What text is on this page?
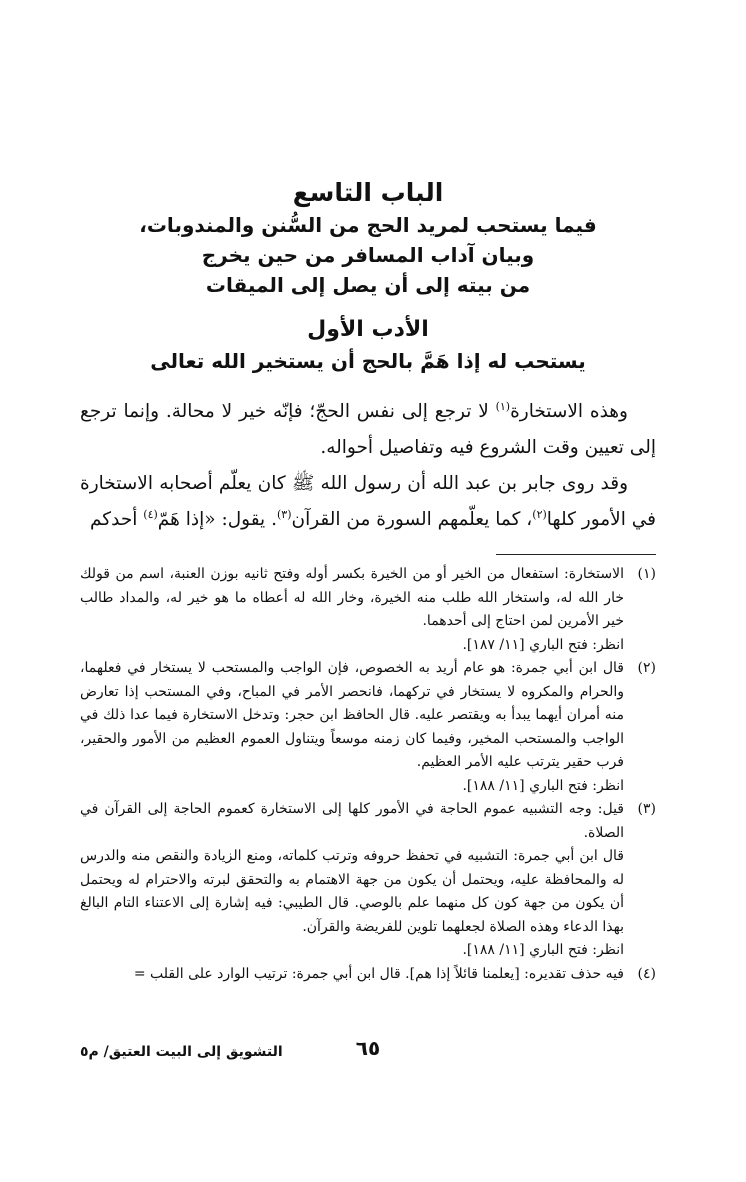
الباب التاسع
فيما يستحب لمريد الحج من السُّنن والمندوبات،
وبيان آداب المسافر من حين يخرج
من بيته إلى أن يصل إلى الميقات
الأدب الأول
يستحب له إذا هَمَّ بالحج أن يستخير الله تعالى

وهذه الاستخارة$^{(١)}$ لا ترجع إلى نفس الحجّ؛ فإنّه خير لا محالة. وإنما ترجع إلى تعيين وقت الشروع فيه وتفاصيل أحواله.

وقد روى جابر بن عبد الله أن رسول الله ﷺ كان يعلّم أصحابه الاستخارة في الأمور كلها$^{(٢)}$، كما يعلّمهم السورة من القرآن$^{(٣)}$. يقول: «إذا هَمّ$^{(٤)}$ أحدكم

(١)
الاستخارة: استفعال من الخير أو من الخيرة بكسر أوله وفتح ثانيه بوزن العنبة، اسم من قولك خار الله له، واستخار الله طلب منه الخيرة، وخار الله له أعطاه ما هو خير له، والمداد طالب خير الأمرين لمن احتاج إلى أحدهما.
انظر: فتح الباري [١١/ ١٨٧].
(٢)
قال ابن أبي جمرة: هو عام أريد به الخصوص، فإن الواجب والمستحب لا يستخار في فعلهما، والحرام والمكروه لا يستخار في تركهما، فانحصر الأمر في المباح، وفي المستحب إذا تعارض منه أمران أيهما يبدأ به ويقتصر عليه. قال الحافظ ابن حجر: وتدخل الاستخارة فيما عدا ذلك في الواجب والمستحب المخير، وفيما كان زمنه موسعاً ويتناول العموم العظيم من الأمور والحقير، فرب حقير يترتب عليه الأمر العظيم.
انظر: فتح الباري [١١/ ١٨٨].
(٣)
قيل: وجه التشبيه عموم الحاجة في الأمور كلها إلى الاستخارة كعموم الحاجة إلى القرآن في الصلاة.
قال ابن أبي جمرة: التشبيه في تحفظ حروفه وترتب كلماته، ومنع الزيادة والنقص منه والدرس له والمحافظة عليه، ويحتمل أن يكون من جهة الاهتمام به والتحقق لبرته والاحترام له ويحتمل أن يكون من جهة كون كل منهما علم بالوصي. قال الطيبي: فيه إشارة إلى الاعتناء التام البالغ بهذا الدعاء وهذه الصلاة لجعلهما تلوين للفريضة والقرآن.
انظر: فتح الباري [١١/ ١٨٨].
(٤)
فيه حذف تقديره: [يعلمنا قائلاً إذا هم]. قال ابن أبي جمرة: ترتيب الوارد على القلب =
٦٥
التشويق إلى البيت العتيق/ م٥
